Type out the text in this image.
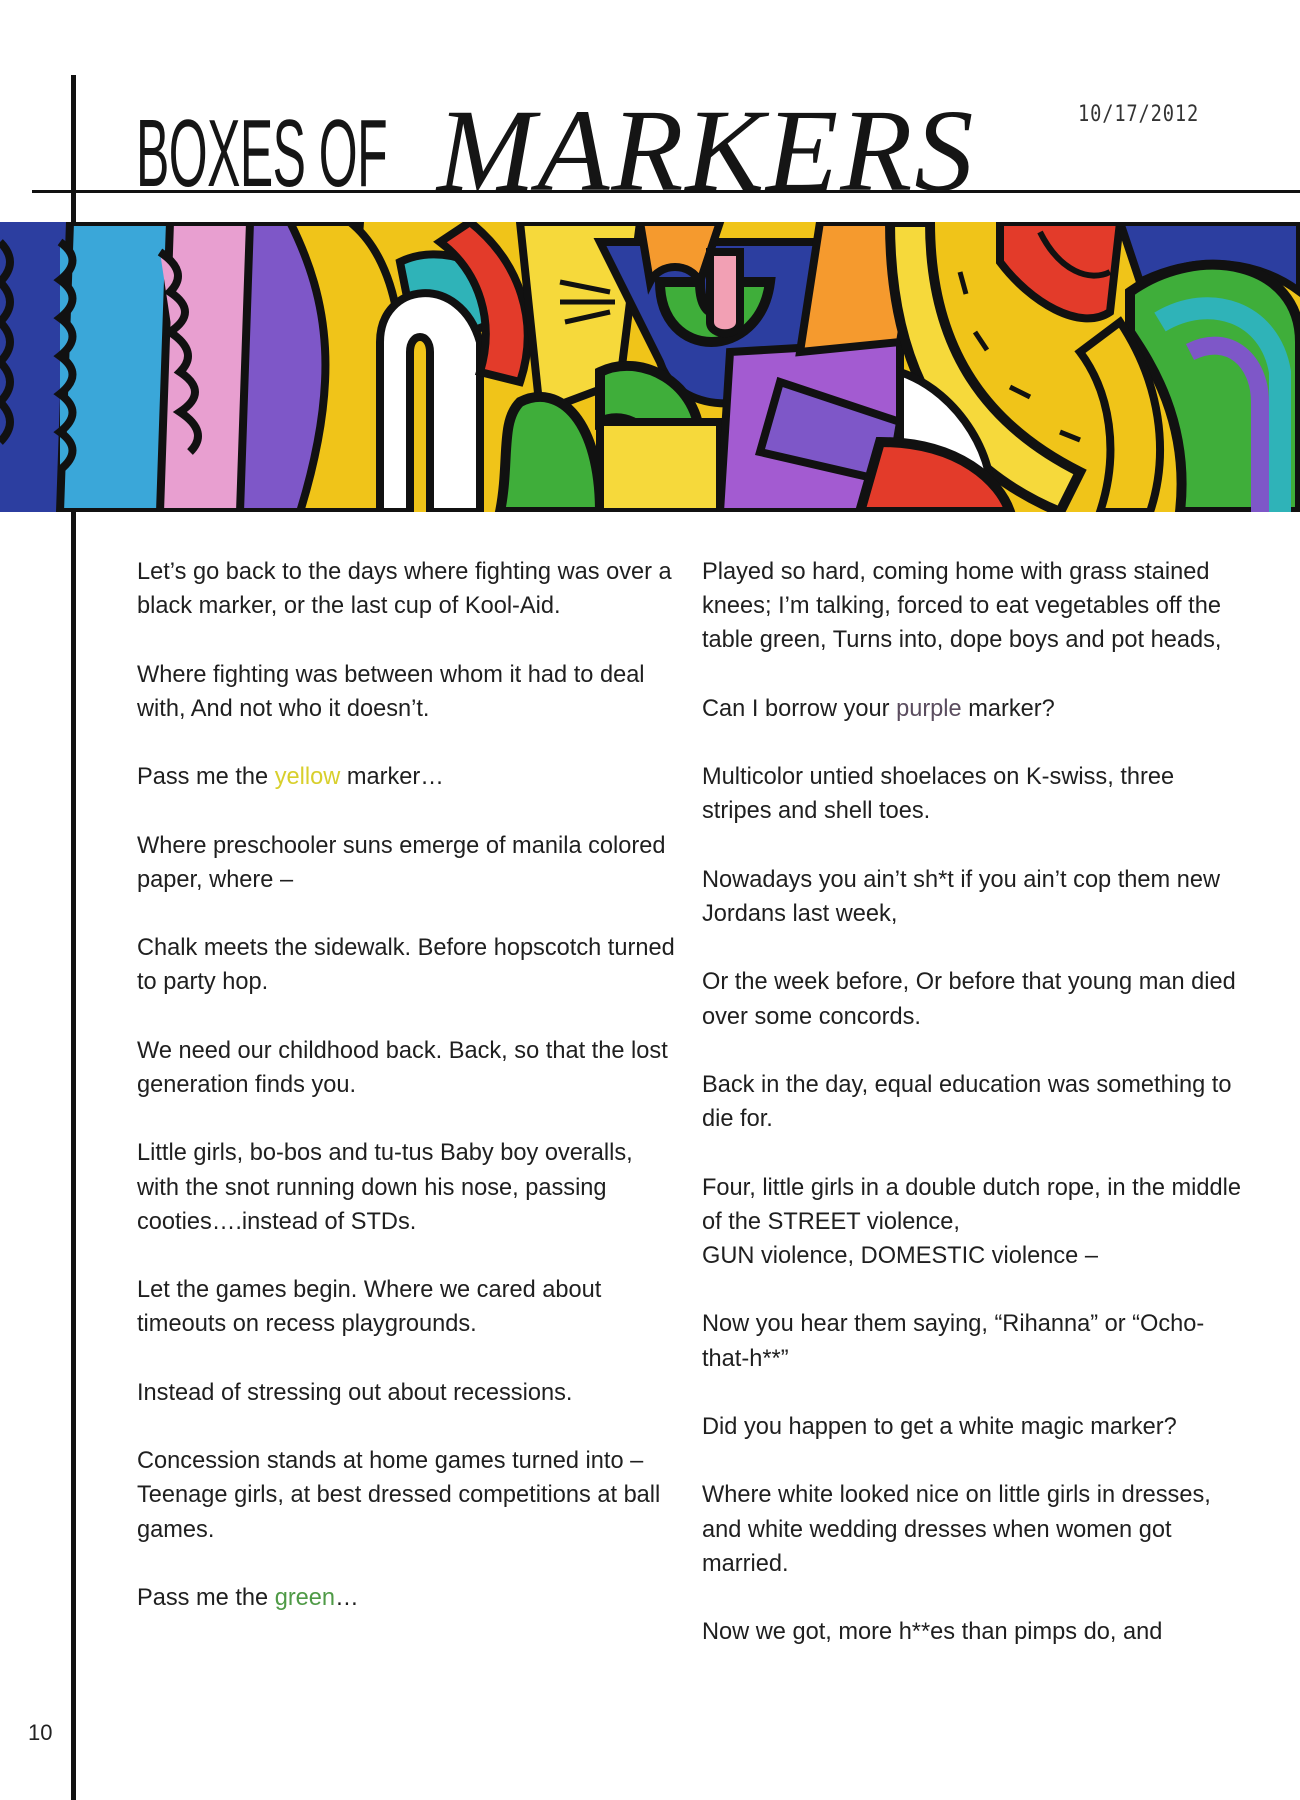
BOXES OF MARKERS	10/17/2012

Let’s go back to the days where fighting was over a black marker, or the last cup of Kool-Aid.

Where fighting was between whom it had to deal with, And not who it doesn’t.

Pass me the yellow marker…

Where preschooler suns emerge of manila colored paper, where –

Chalk meets the sidewalk. Before hopscotch turned to party hop.

We need our childhood back. Back, so that the lost generation finds you.

Little girls, bo-bos and tu-tus Baby boy overalls, with the snot running down his nose, passing cooties….instead of STDs.

Let the games begin. Where we cared about timeouts on recess playgrounds.

Instead of stressing out about recessions.

Concession stands at home games turned into –
Teenage girls, at best dressed competitions at ball games.

Pass me the green…

Played so hard, coming home with grass stained knees; I’m talking, forced to eat vegetables off the table green, Turns into, dope boys and pot heads,

Can I borrow your purple marker?

Multicolor untied shoelaces on K-swiss, three stripes and shell toes.

Nowadays you ain’t sh*t if you ain’t cop them new Jordans last week,

Or the week before, Or before that young man died over some concords.

Back in the day, equal education was something to die for.

Four, little girls in a double dutch rope, in the middle of the STREET violence,
GUN violence, DOMESTIC violence –

Now you hear them saying, “Rihanna” or “Ocho-that-h**”

Did you happen to get a white magic marker?

Where white looked nice on little girls in dresses, and white wedding dresses when women got married.

Now we got, more h**es than pimps do, and

10
